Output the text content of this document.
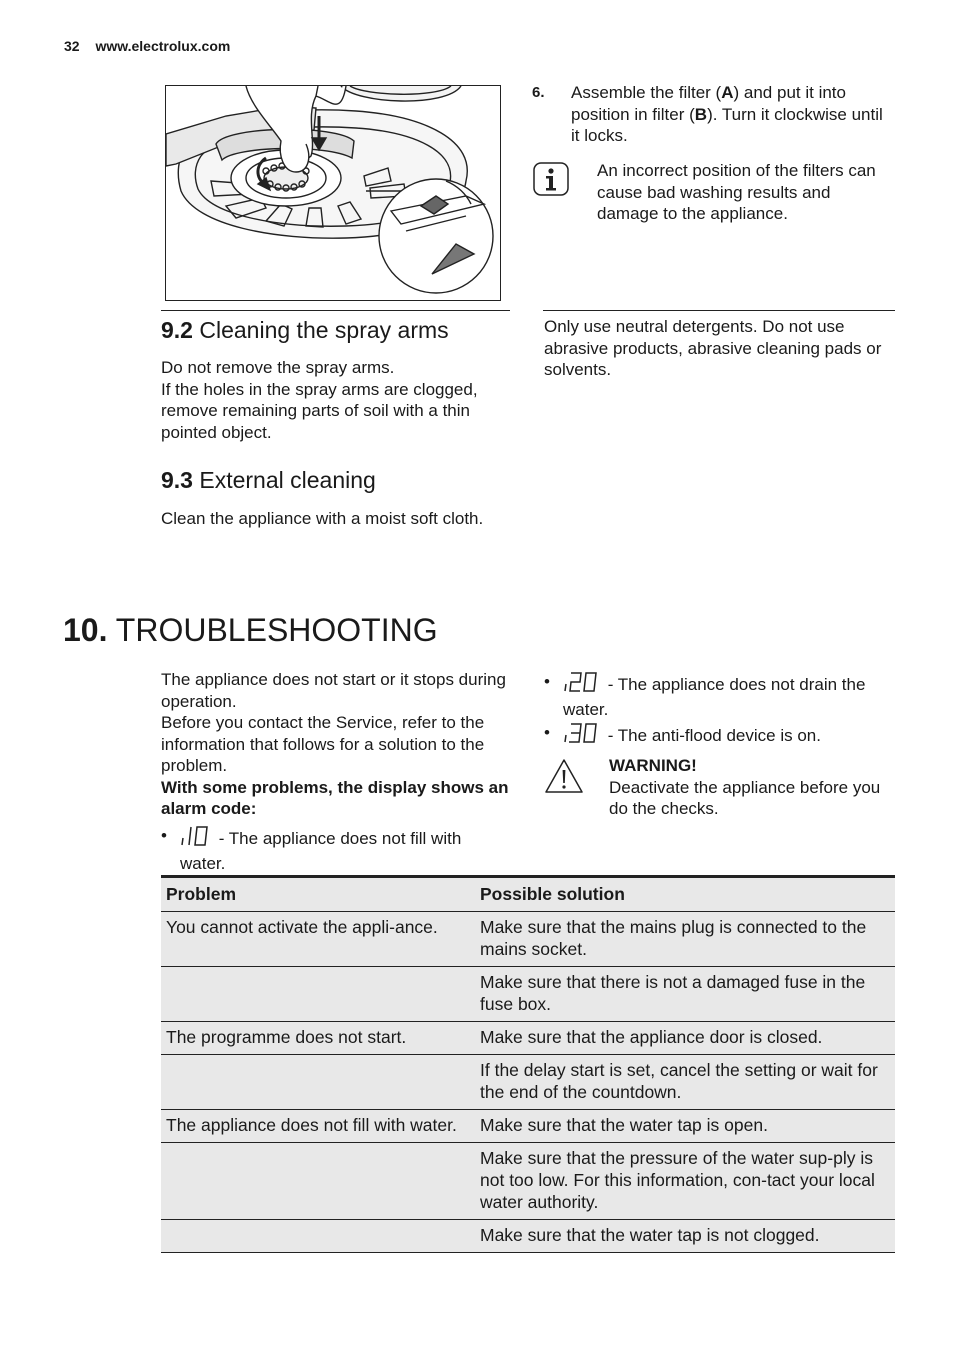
32 www.electrolux.com
6. Assemble the filter (A) and put it into position in filter (B). Turn it clockwise until it locks.
An incorrect position of the filters can cause bad washing results and damage to the appliance.
9.2 Cleaning the spray arms
Do not remove the spray arms.
If the holes in the spray arms are clogged, remove remaining parts of soil with a thin pointed object.
Only use neutral detergents. Do not use abrasive products, abrasive cleaning pads or solvents.
9.3 External cleaning
Clean the appliance with a moist soft cloth.
10. TROUBLESHOOTING

The appliance does not start or it stops during operation.

Before you contact the Service, refer to the information that follows for a solution to the problem.

With some problems, the display shows an alarm code:

•	- The appliance does not fill with water.
•	- The appliance does not drain the water.
•	- The anti-flood device is on.
WARNING!
Deactivate the appliance before you do the checks.
Problem	Possible solution
You cannot activate the appli-ance.	Make sure that the mains plug is connected to the mains socket.
	Make sure that there is not a damaged fuse in the fuse box.
The programme does not start.	Make sure that the appliance door is closed.
	If the delay start is set, cancel the setting or wait for the end of the countdown.
The appliance does not fill with water.	Make sure that the water tap is open.
	Make sure that the pressure of the water sup-ply is not too low. For this information, con-tact your local water authority.
	Make sure that the water tap is not clogged.
